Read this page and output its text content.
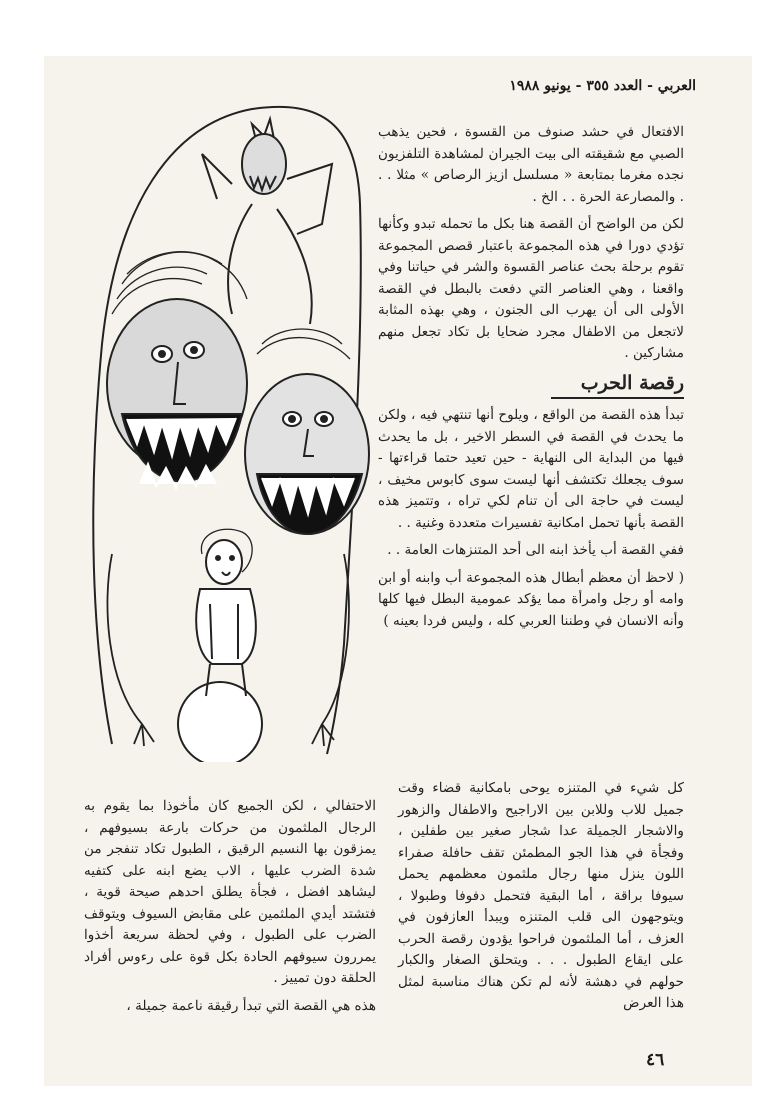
العربي - العدد ٣٥٥ - يونيو ١٩٨٨

الافتعال في حشد صنوف من القسوة ، فحين يذهب الصبي مع شقيقته الى بيت الجيران لمشاهدة التلفزيون نجده مغرما بمتابعة « مسلسل ازيز الرصاص » مثلا . . . والمصارعة الحرة . . الخ .

لكن من الواضح أن القصة هنا بكل ما تحمله تبدو وكأنها تؤدي دورا في هذه المجموعة باعتبار قصص المجموعة تقوم برحلة بحث عناصر القسوة والشر في حياتنا وفي واقعنا ، وهي العناصر التي دفعت بالبطل في القصة الأولى الى أن يهرب الى الجنون ، وهي بهذه المثابة لاتجعل من الاطفال مجرد ضحايا بل تكاد تجعل منهم مشاركين .

رقصة الحرب

تبدأ هذه القصة من الواقع ، ويلوح أنها تنتهي فيه ، ولكن ما يحدث في القصة في السطر الاخير ، بل ما يحدث فيها من البداية الى النهاية - حين تعيد حتما قراءتها - سوف يجعلك تكتشف أنها ليست سوى كابوس مخيف ، ليست في حاجة الى أن تنام لكي تراه ، وتتميز هذه القصة بأنها تحمل امكانية تفسيرات متعددة وغنية . .

ففي القصة أب يأخذ ابنه الى أحد المتنزهات العامة . .

( لاحظ أن معظم أبطال هذه المجموعة أب وابنه أو ابن وامه أو رجل وامرأة مما يؤكد عمومية البطل فيها كلها وأنه الانسان في وطننا العربي كله ، وليس فردا بعينه )

كل شيء في المتنزه يوحى بامكانية قضاء وقت جميل للاب وللابن بين الاراجيح والاطفال والزهور والاشجار الجميلة عدا شجار صغير بين طفلين ، وفجأة في هذا الجو المطمئن تقف حافلة صفراء اللون ينزل منها رجال ملثمون معظمهم يحمل سيوفا براقة ، أما البقية فتحمل دفوفا وطبولا ، ويتوجهون الى قلب المتنزه ويبدأ العازفون في العزف ، أما الملثمون فراحوا يؤدون رقصة الحرب على ايقاع الطبول . . . ويتحلق الصغار والكبار حولهم في دهشة لأنه لم تكن هناك مناسبة لمثل هذا العرض

الاحتفالي ، لكن الجميع كان مأخوذا بما يقوم به الرجال الملثمون من حركات بارعة بسيوفهم ، يمزقون بها النسيم الرقيق ، الطبول تكاد تنفجر من شدة الضرب عليها ، الاب يضع ابنه على كتفيه ليشاهد افضل ، فجأة يطلق احدهم صيحة قوية ، فتشتد أيدي الملثمين على مقابض السيوف ويتوقف الضرب على الطبول ، وفي لحظة سريعة أخذوا يمررون سيوفهم الحادة بكل قوة على رءوس أفراد الحلقة دون تمييز .

هذه هي القصة التي تبدأ رقيقة ناعمة جميلة ،

٤٦
